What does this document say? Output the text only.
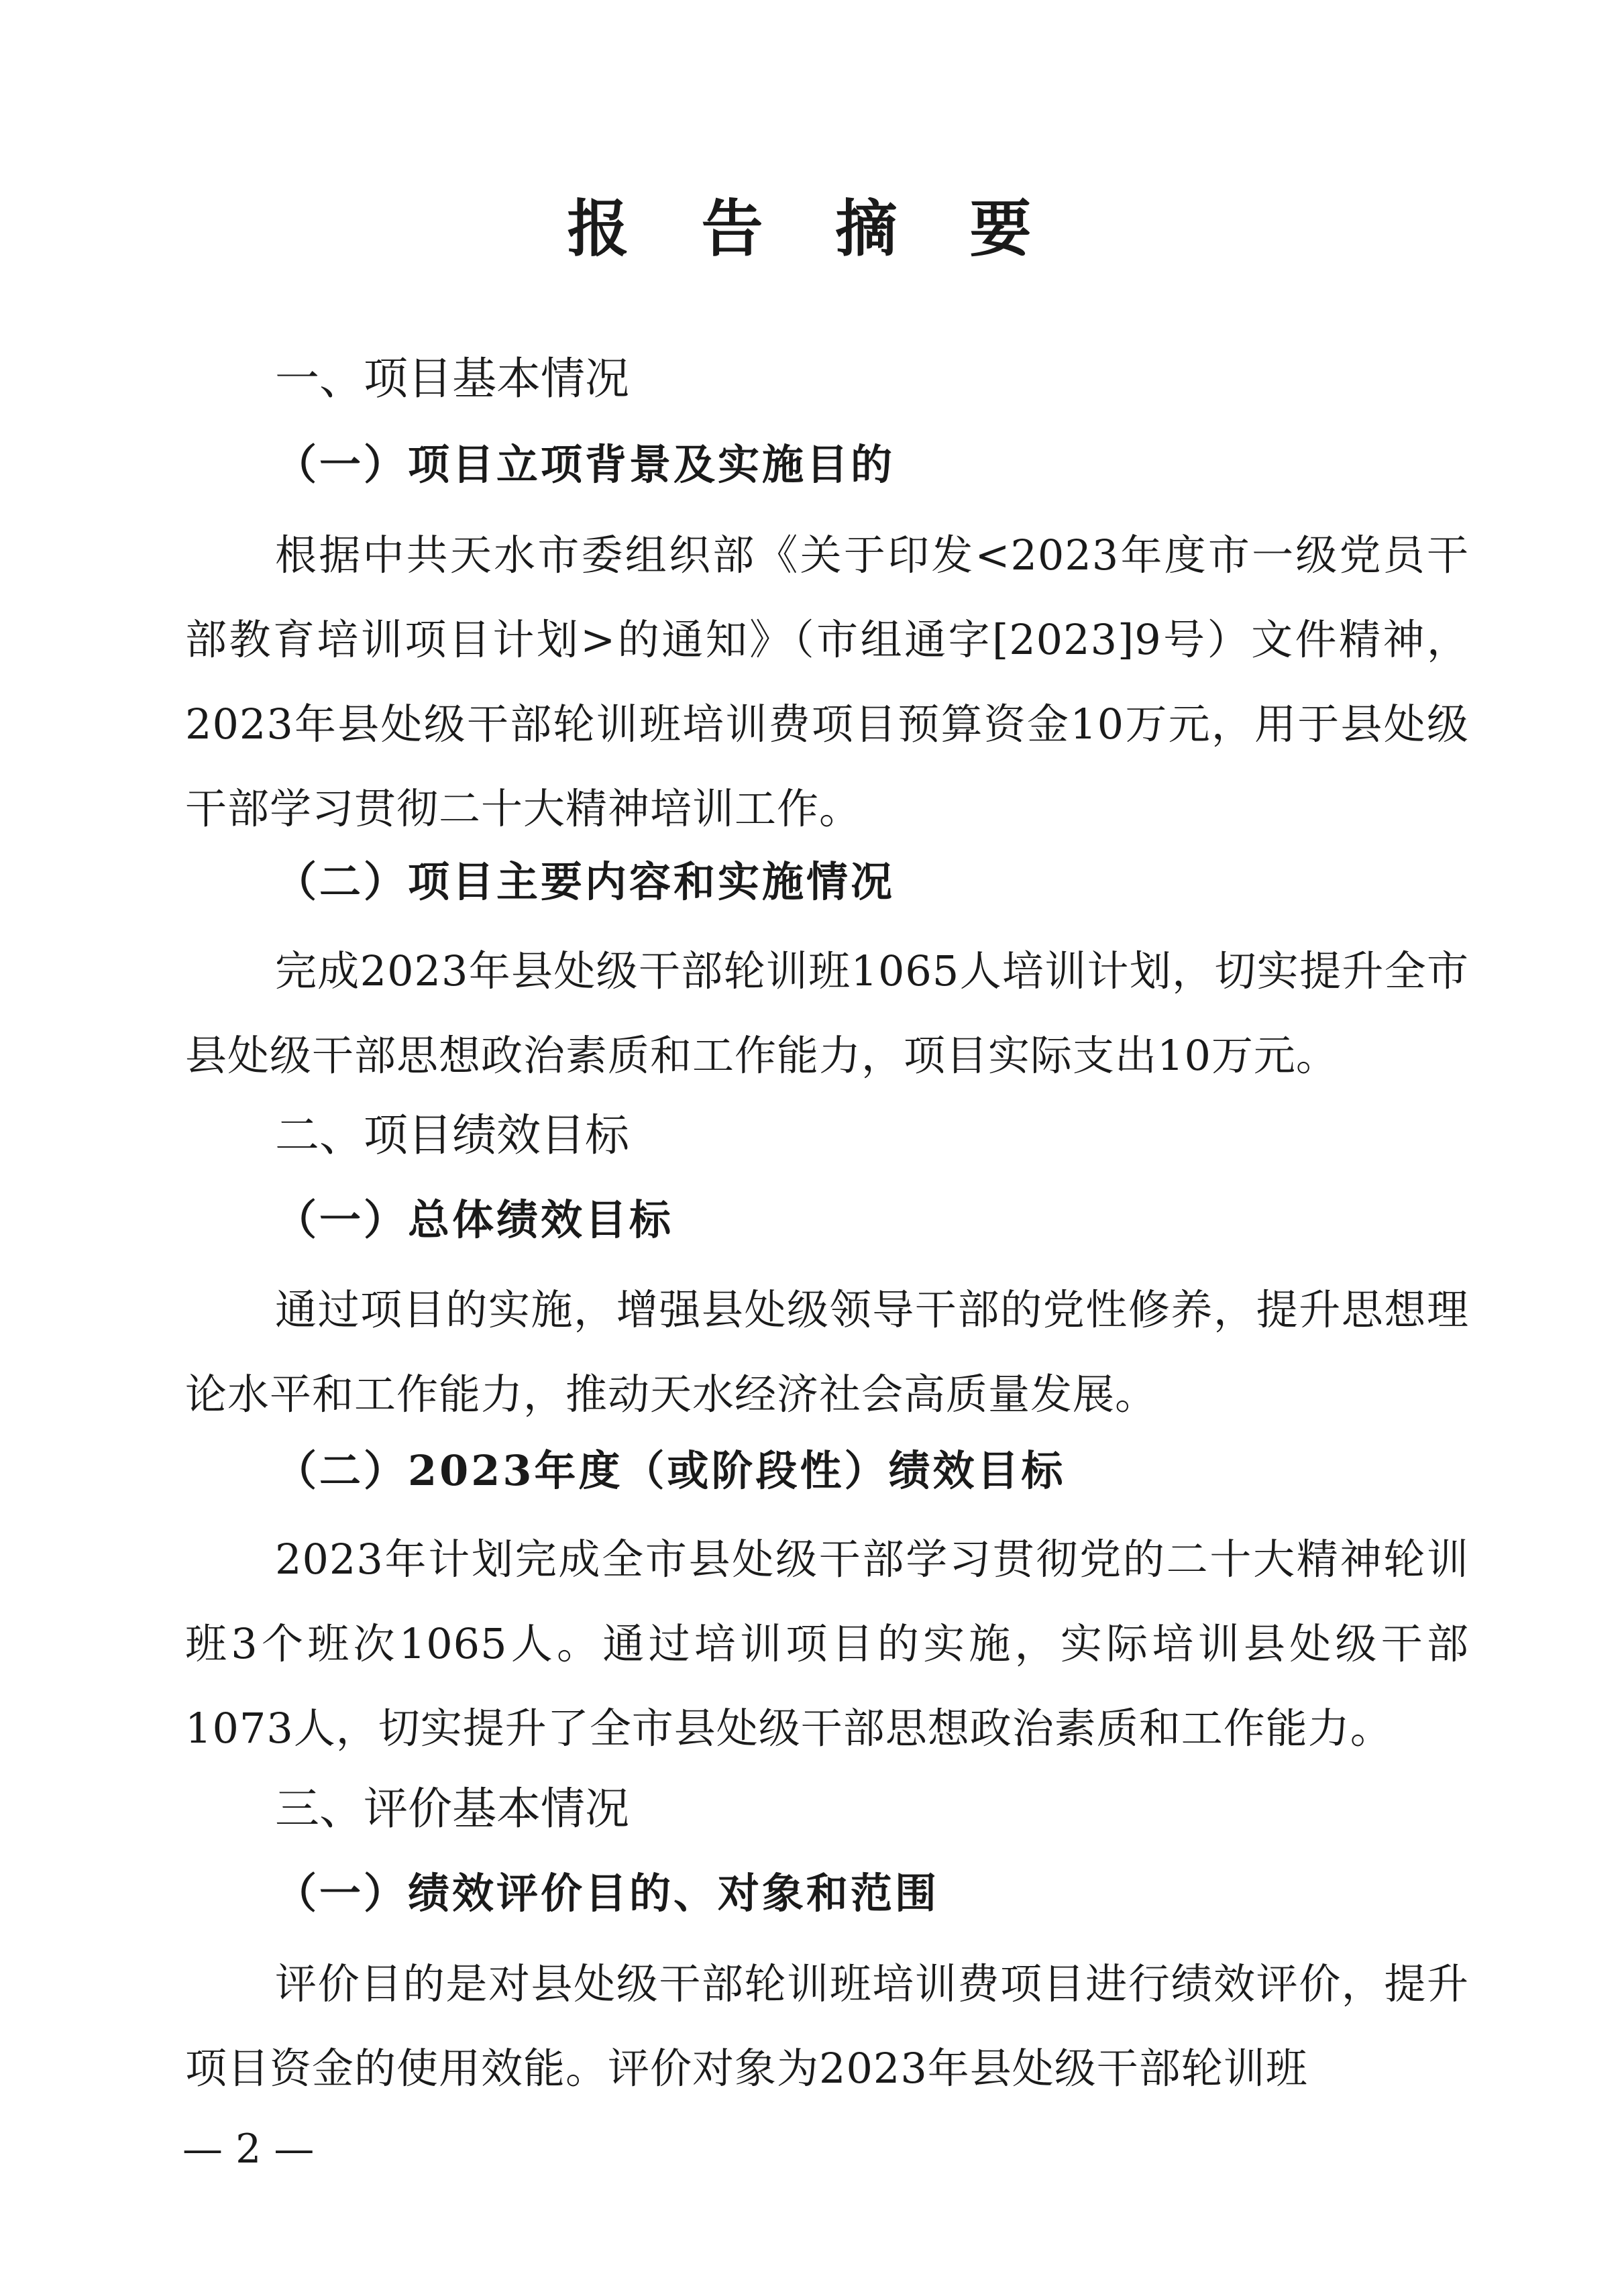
报 告 摘 要
一、项目基本情况
（一）项目立项背景及实施目的
根据中共天水市委组织部《关于印发<2023年度市一级党员干部教育培训项目计划>的通知》（市组通字[2023]9号）文件精神，2023年县处级干部轮训班培训费项目预算资金10万元，用于县处级干部学习贯彻二十大精神培训工作。
（二）项目主要内容和实施情况
完成2023年县处级干部轮训班1065人培训计划，切实提升全市县处级干部思想政治素质和工作能力，项目实际支出10万元。
二、项目绩效目标
（一）总体绩效目标
通过项目的实施，增强县处级领导干部的党性修养，提升思想理论水平和工作能力，推动天水经济社会高质量发展。
（二）2023年度（或阶段性）绩效目标
2023年计划完成全市县处级干部学习贯彻党的二十大精神轮训班3个班次1065人。通过培训项目的实施，实际培训县处级干部1073人，切实提升了全市县处级干部思想政治素质和工作能力。
三、评价基本情况
（一）绩效评价目的、对象和范围
评价目的是对县处级干部轮训班培训费项目进行绩效评价，提升项目资金的使用效能。评价对象为2023年县处级干部轮训班
— 2 —
